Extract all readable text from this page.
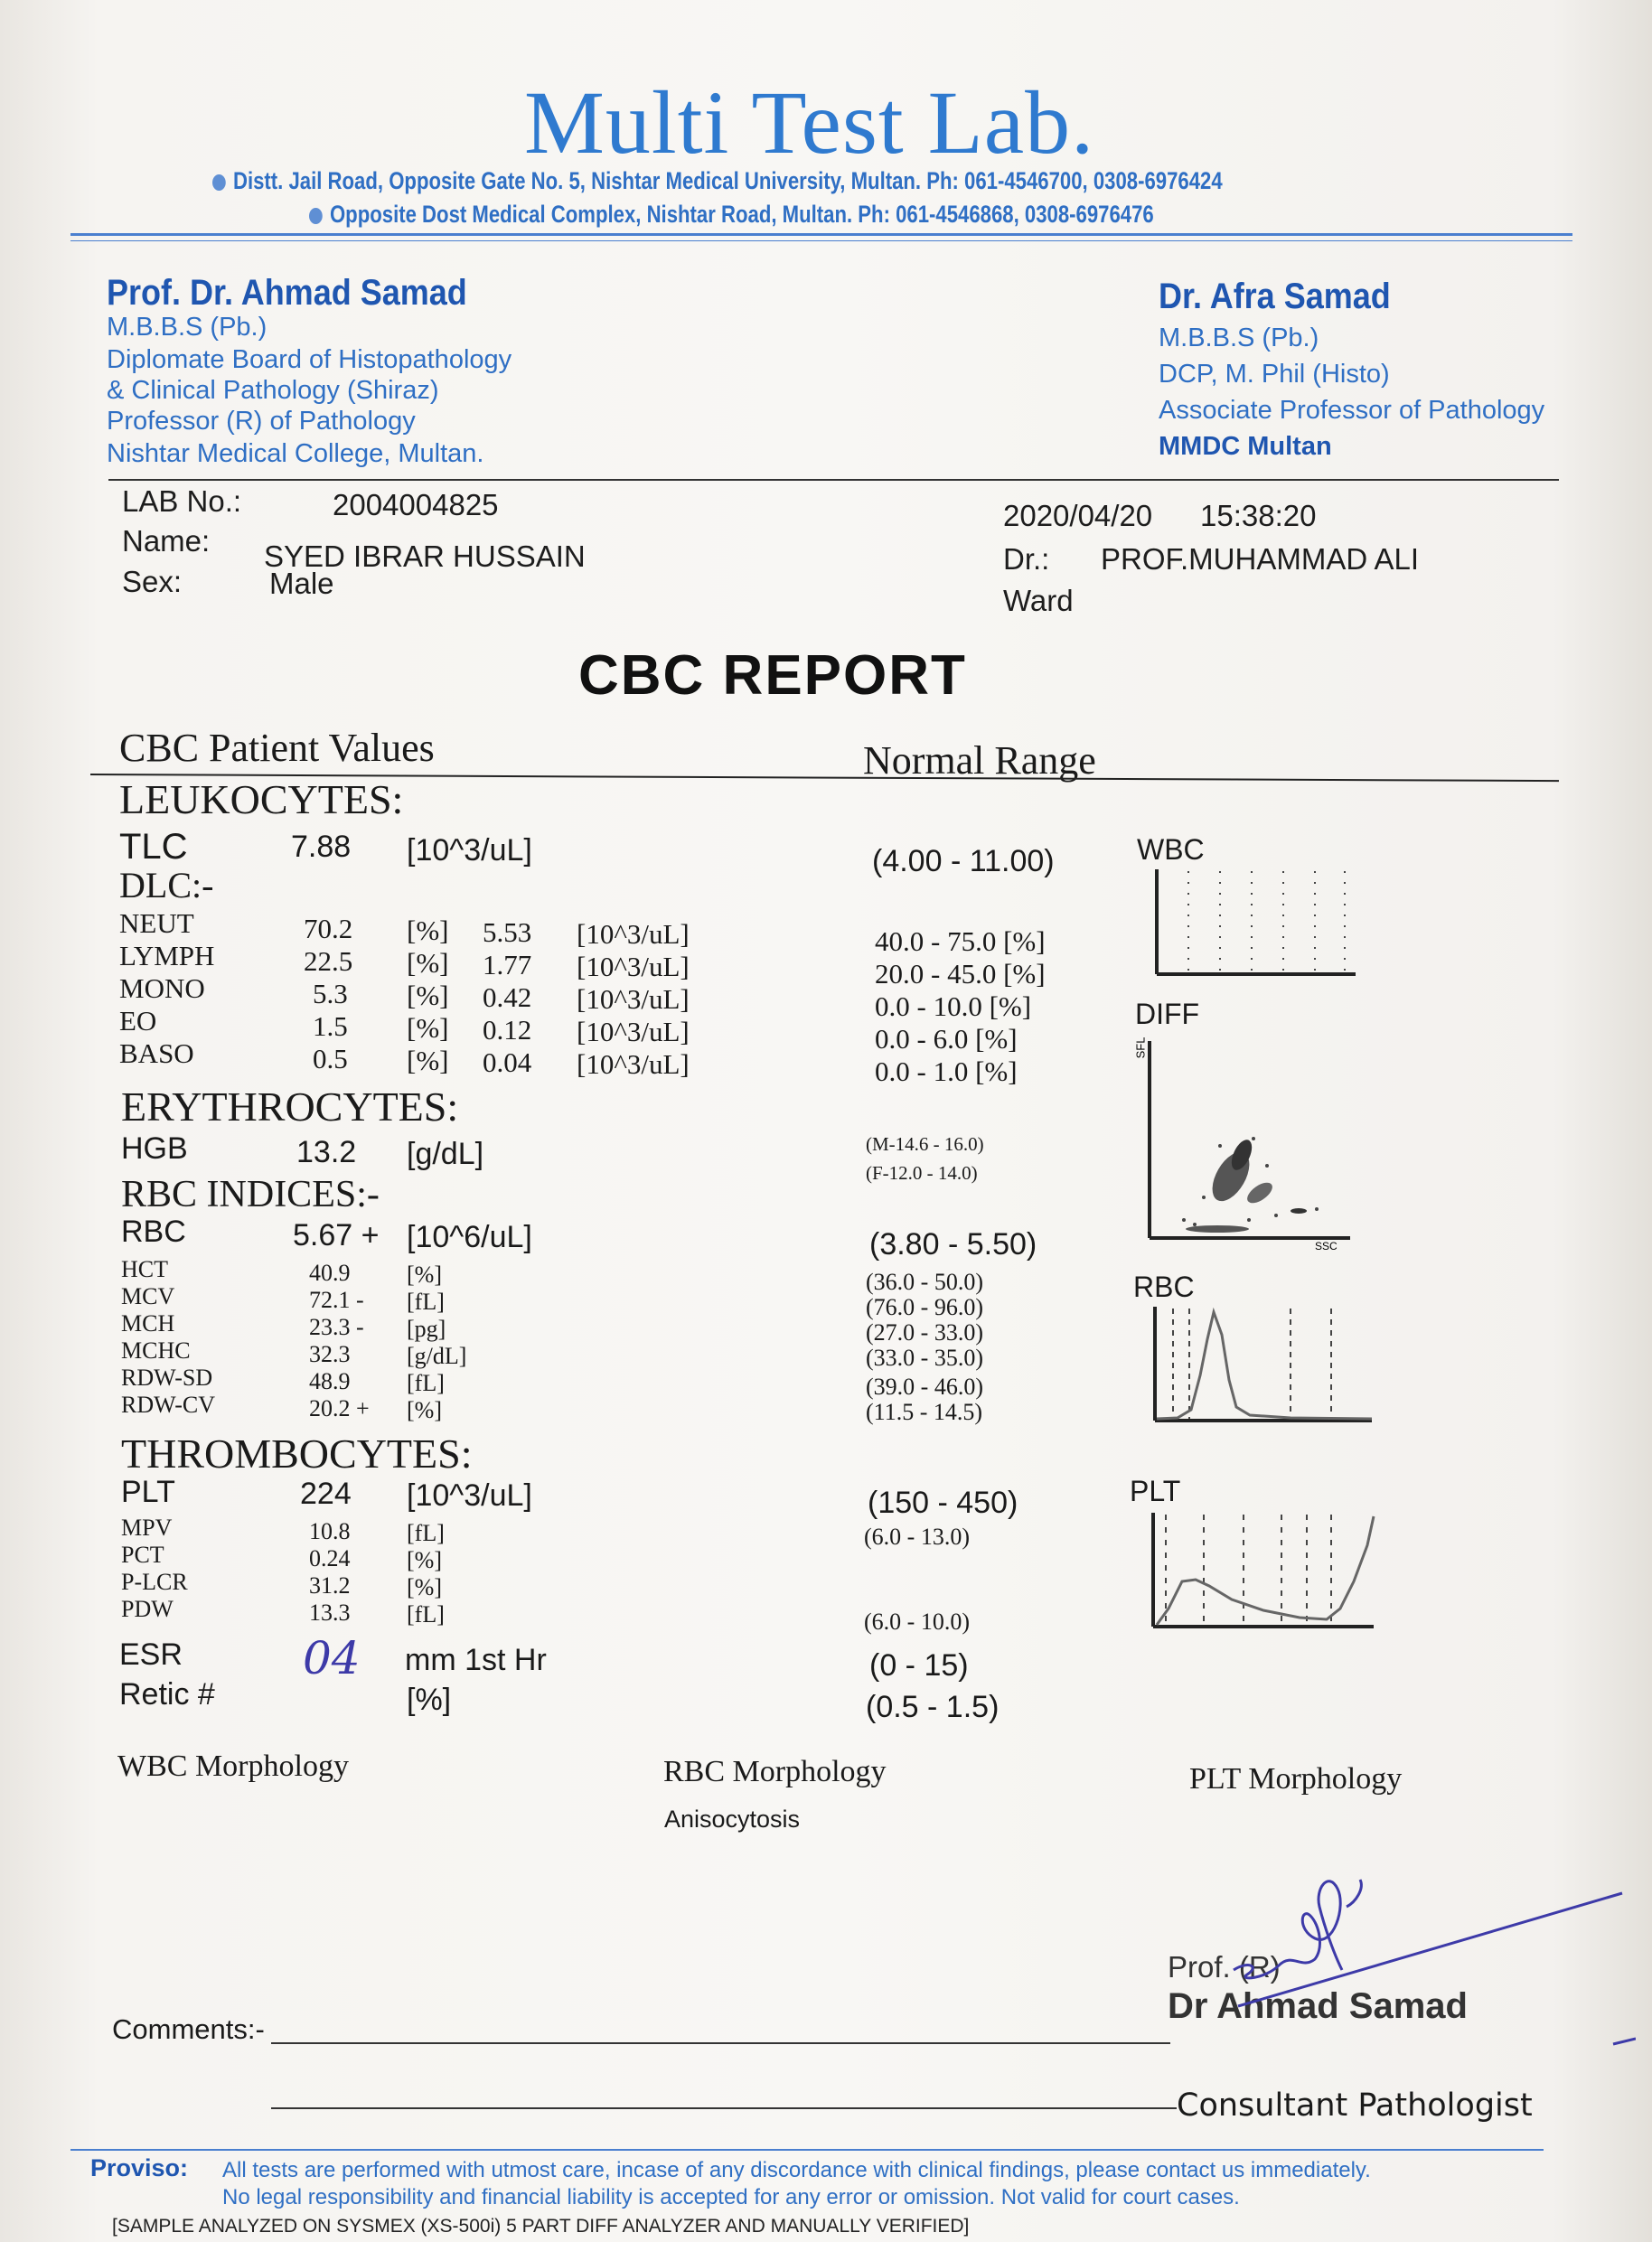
Multi Test Lab.
Distt. Jail Road, Opposite Gate No. 5, Nishtar Medical University, Multan. Ph: 061-4546700, 0308-6976424
Opposite Dost Medical Complex, Nishtar Road, Multan. Ph: 061-4546868, 0308-6976476
Prof. Dr. Ahmad Samad
M.B.B.S (Pb.)
Diplomate Board of Histopathology
& Clinical Pathology (Shiraz)
Professor (R) of Pathology
Nishtar Medical College, Multan.
Dr. Afra Samad
M.B.B.S (Pb.)
DCP, M. Phil (Histo)
Associate Professor of Pathology
MMDC Multan
LAB No.:	2004004825
Name: SYED IBRAR HUSSAIN
Sex:	Male
2020/04/20 15:38:20
Dr.: PROF.MUHAMMAD ALI
Ward
CBC REPORT
CBC Patient Values	Normal Range
LEUKOCYTES:
TLC	7.88 [10^3/uL]	(4.00 - 11.00)
DLC:-
NEUT	70.2 [%] 5.53 [10^3/uL]	40.0 - 75.0 [%]
LYMPH	22.5 [%] 1.77 [10^3/uL]	20.0 - 45.0 [%]
MONO	5.3 [%] 0.42 [10^3/uL]	0.0 - 10.0 [%]
EO	1.5 [%] 0.12 [10^3/uL]	0.0 - 6.0 [%]
BASO	0.5 [%] 0.04 [10^3/uL]	0.0 - 1.0 [%]
ERYTHROCYTES:
HGB	13.2 [g/dL]	(M-14.6 - 16.0)
(F-12.0 - 14.0)
RBC INDICES:-
RBC	5.67 + [10^6/uL]	(3.80 - 5.50)
HCT	40.9 [%]	(36.0 - 50.0)
MCV	72.1 - [fL]	(76.0 - 96.0)
MCH	23.3 - [pg]	(27.0 - 33.0)
MCHC	32.3 [g/dL]	(33.0 - 35.0)
RDW-SD	48.9 [fL]	(39.0 - 46.0)
RDW-CV	20.2 + [%]	(11.5 - 14.5)
THROMBOCYTES:
PLT	224 [10^3/uL]	(150 - 450)
MPV	10.8 [fL]	(6.0 - 13.0)
PCT	0.24 [%]
P-LCR	31.2 [%]
PDW	13.3 [fL]	(6.0 - 10.0)
ESR	04 mm 1st Hr	(0 - 15)
Retic #	[%]	(0.5 - 1.5)
WBC
DIFF
SFL
SSC
RBC
PLT
WBC Morphology	RBC Morphology
Anisocytosis
PLT Morphology
Prof. (R)
Dr Ahmad Samad
Comments:-
Consultant Pathologist
Proviso: All tests are performed with utmost care, incase of any discordance with clinical findings, please contact us immediately.
No legal responsibility and financial liability is accepted for any error or omission. Not valid for court cases.
[SAMPLE ANALYZED ON SYSMEX (XS-500i) 5 PART DIFF ANALYZER AND MANUALLY VERIFIED]
